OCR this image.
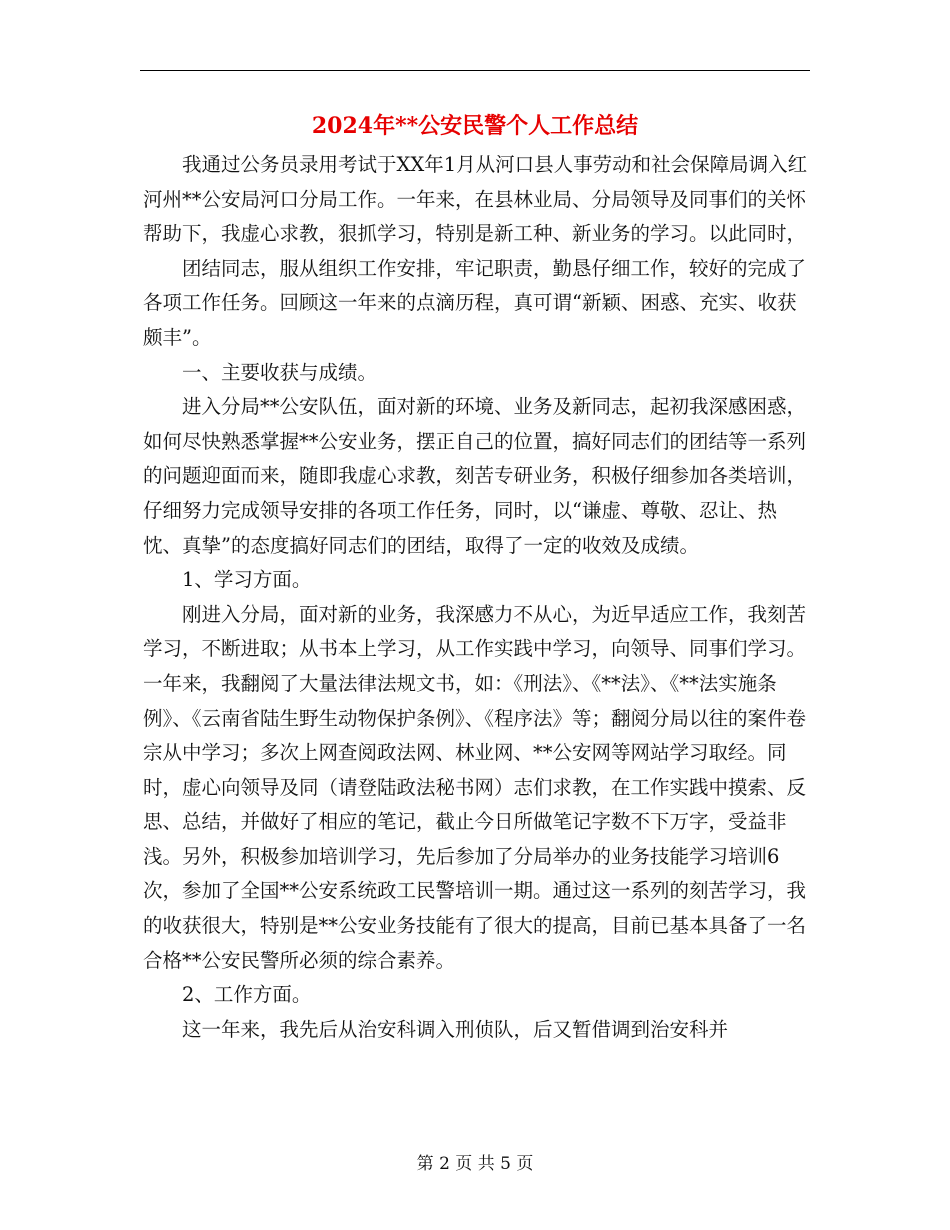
2024年**公安民警个人工作总结

我通过公务员录用考试于XX年1月从河口县人事劳动和社会保障局调入红河州**公安局河口分局工作。一年来，在县林业局、分局领导及同事们的关怀帮助下，我虚心求教，狠抓学习，特别是新工种、新业务的学习。以此同时，

团结同志，服从组织工作安排，牢记职责，勤恳仔细工作，较好的完成了各项工作任务。回顾这一年来的点滴历程，真可谓“新颖、困惑、充实、收获颇丰”。

一、主要收获与成绩。

进入分局**公安队伍，面对新的环境、业务及新同志，起初我深感困惑，如何尽快熟悉掌握**公安业务，摆正自己的位置，搞好同志们的团结等一系列的问题迎面而来，随即我虚心求教，刻苦专研业务，积极仔细参加各类培训，仔细努力完成领导安排的各项工作任务，同时，以“谦虚、尊敬、忍让、热忱、真挚”的态度搞好同志们的团结，取得了一定的收效及成绩。

1、学习方面。

刚进入分局，面对新的业务，我深感力不从心，为近早适应工作，我刻苦学习，不断进取；从书本上学习，从工作实践中学习，向领导、同事们学习。一年来，我翻阅了大量法律法规文书，如：《刑法》、《**法》、《**法实施条例》、《云南省陆生野生动物保护条例》、《程序法》等；翻阅分局以往的案件卷宗从中学习；多次上网查阅政法网、林业网、**公安网等网站学习取经。同时，虚心向领导及同（请登陆政法秘书网）志们求教，在工作实践中摸索、反思、总结，并做好了相应的笔记，截止今日所做笔记字数不下万字，受益非浅。另外，积极参加培训学习，先后参加了分局举办的业务技能学习培训6次，参加了全国**公安系统政工民警培训一期。通过这一系列的刻苦学习，我的收获很大，特别是**公安业务技能有了很大的提高，目前已基本具备了一名合格**公安民警所必须的综合素养。

2、工作方面。

这一年来，我先后从治安科调入刑侦队，后又暂借调到治安科并

第 2 页 共 5 页
